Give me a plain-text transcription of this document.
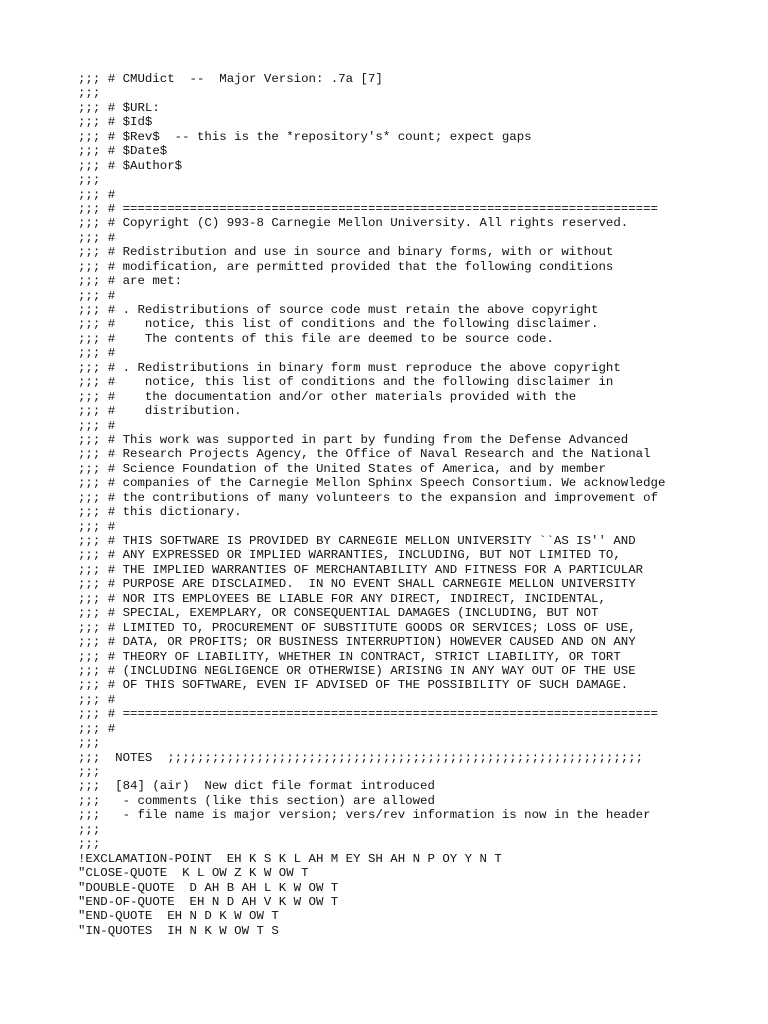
;;; # CMUdict  --  Major Version: .7a [7]
;;;
;;; # $URL:
;;; # $Id$
;;; # $Rev$  -- this is the *repository's* count; expect gaps
;;; # $Date$
;;; # $Author$
;;;
;;; #
;;; # ========================================================================
;;; # Copyright (C) 993-8 Carnegie Mellon University. All rights reserved.
;;; #
;;; # Redistribution and use in source and binary forms, with or without
;;; # modification, are permitted provided that the following conditions
;;; # are met:
;;; #
;;; # . Redistributions of source code must retain the above copyright
;;; #    notice, this list of conditions and the following disclaimer.
;;; #    The contents of this file are deemed to be source code.
;;; #
;;; # . Redistributions in binary form must reproduce the above copyright
;;; #    notice, this list of conditions and the following disclaimer in
;;; #    the documentation and/or other materials provided with the
;;; #    distribution.
;;; #
;;; # This work was supported in part by funding from the Defense Advanced
;;; # Research Projects Agency, the Office of Naval Research and the National
;;; # Science Foundation of the United States of America, and by member
;;; # companies of the Carnegie Mellon Sphinx Speech Consortium. We acknowledge
;;; # the contributions of many volunteers to the expansion and improvement of
;;; # this dictionary.
;;; #
;;; # THIS SOFTWARE IS PROVIDED BY CARNEGIE MELLON UNIVERSITY ``AS IS'' AND
;;; # ANY EXPRESSED OR IMPLIED WARRANTIES, INCLUDING, BUT NOT LIMITED TO,
;;; # THE IMPLIED WARRANTIES OF MERCHANTABILITY AND FITNESS FOR A PARTICULAR
;;; # PURPOSE ARE DISCLAIMED.  IN NO EVENT SHALL CARNEGIE MELLON UNIVERSITY
;;; # NOR ITS EMPLOYEES BE LIABLE FOR ANY DIRECT, INDIRECT, INCIDENTAL,
;;; # SPECIAL, EXEMPLARY, OR CONSEQUENTIAL DAMAGES (INCLUDING, BUT NOT
;;; # LIMITED TO, PROCUREMENT OF SUBSTITUTE GOODS OR SERVICES; LOSS OF USE,
;;; # DATA, OR PROFITS; OR BUSINESS INTERRUPTION) HOWEVER CAUSED AND ON ANY
;;; # THEORY OF LIABILITY, WHETHER IN CONTRACT, STRICT LIABILITY, OR TORT
;;; # (INCLUDING NEGLIGENCE OR OTHERWISE) ARISING IN ANY WAY OUT OF THE USE
;;; # OF THIS SOFTWARE, EVEN IF ADVISED OF THE POSSIBILITY OF SUCH DAMAGE.
;;; #
;;; # ========================================================================
;;; #
;;;
;;;  NOTES  ;;;;;;;;;;;;;;;;;;;;;;;;;;;;;;;;;;;;;;;;;;;;;;;;;;;;;;;;;;;;;;;;
;;;
;;;  [84] (air)  New dict file format introduced
;;;   - comments (like this section) are allowed
;;;   - file name is major version; vers/rev information is now in the header
;;;
;;;
!EXCLAMATION-POINT  EH K S K L AH M EY SH AH N P OY Y N T
"CLOSE-QUOTE  K L OW Z K W OW T
"DOUBLE-QUOTE  D AH B AH L K W OW T
"END-OF-QUOTE  EH N D AH V K W OW T
"END-QUOTE  EH N D K W OW T
"IN-QUOTES  IH N K W OW T S
